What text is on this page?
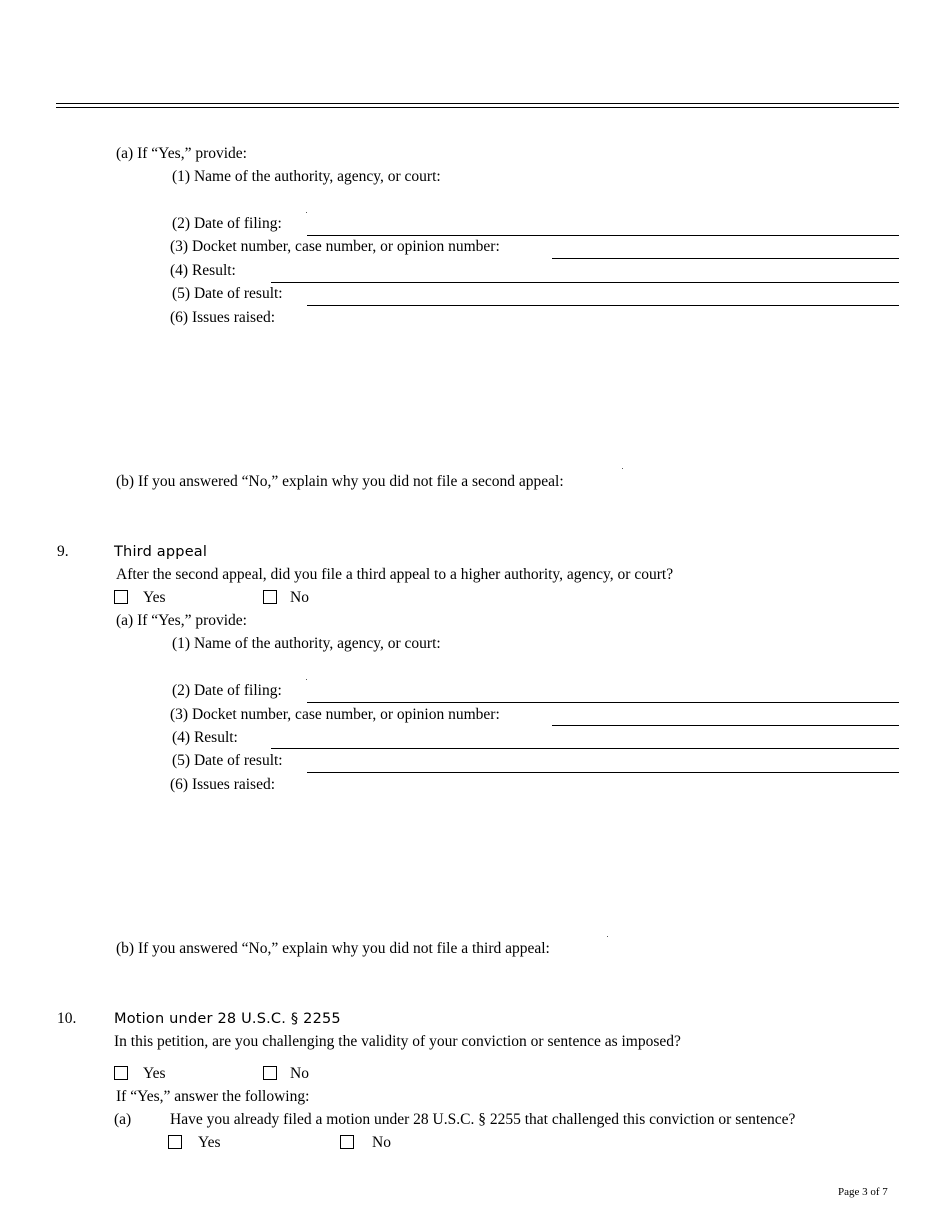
(a) If “Yes,” provide:
(1) Name of the authority, agency, or court:
(2) Date of filing:
(3) Docket number, case number, or opinion number:
(4) Result:
(5) Date of result:
(6) Issues raised:
(b) If you answered “No,” explain why you did not file a second appeal:
9.	Third appeal
After the second appeal, did you file a third appeal to a higher authority, agency, or court?
Yes	No
(a) If “Yes,” provide:
(1) Name of the authority, agency, or court:
(2) Date of filing:
(3) Docket number, case number, or opinion number:
(4) Result:
(5) Date of result:
(6) Issues raised:
(b) If you answered “No,” explain why you did not file a third appeal:
10.	Motion under 28 U.S.C. § 2255
In this petition, are you challenging the validity of your conviction or sentence as imposed?
Yes	No
If “Yes,” answer the following:
(a)	Have you already filed a motion under 28 U.S.C. § 2255 that challenged this conviction or sentence?
Yes	No
Page 3 of 7
